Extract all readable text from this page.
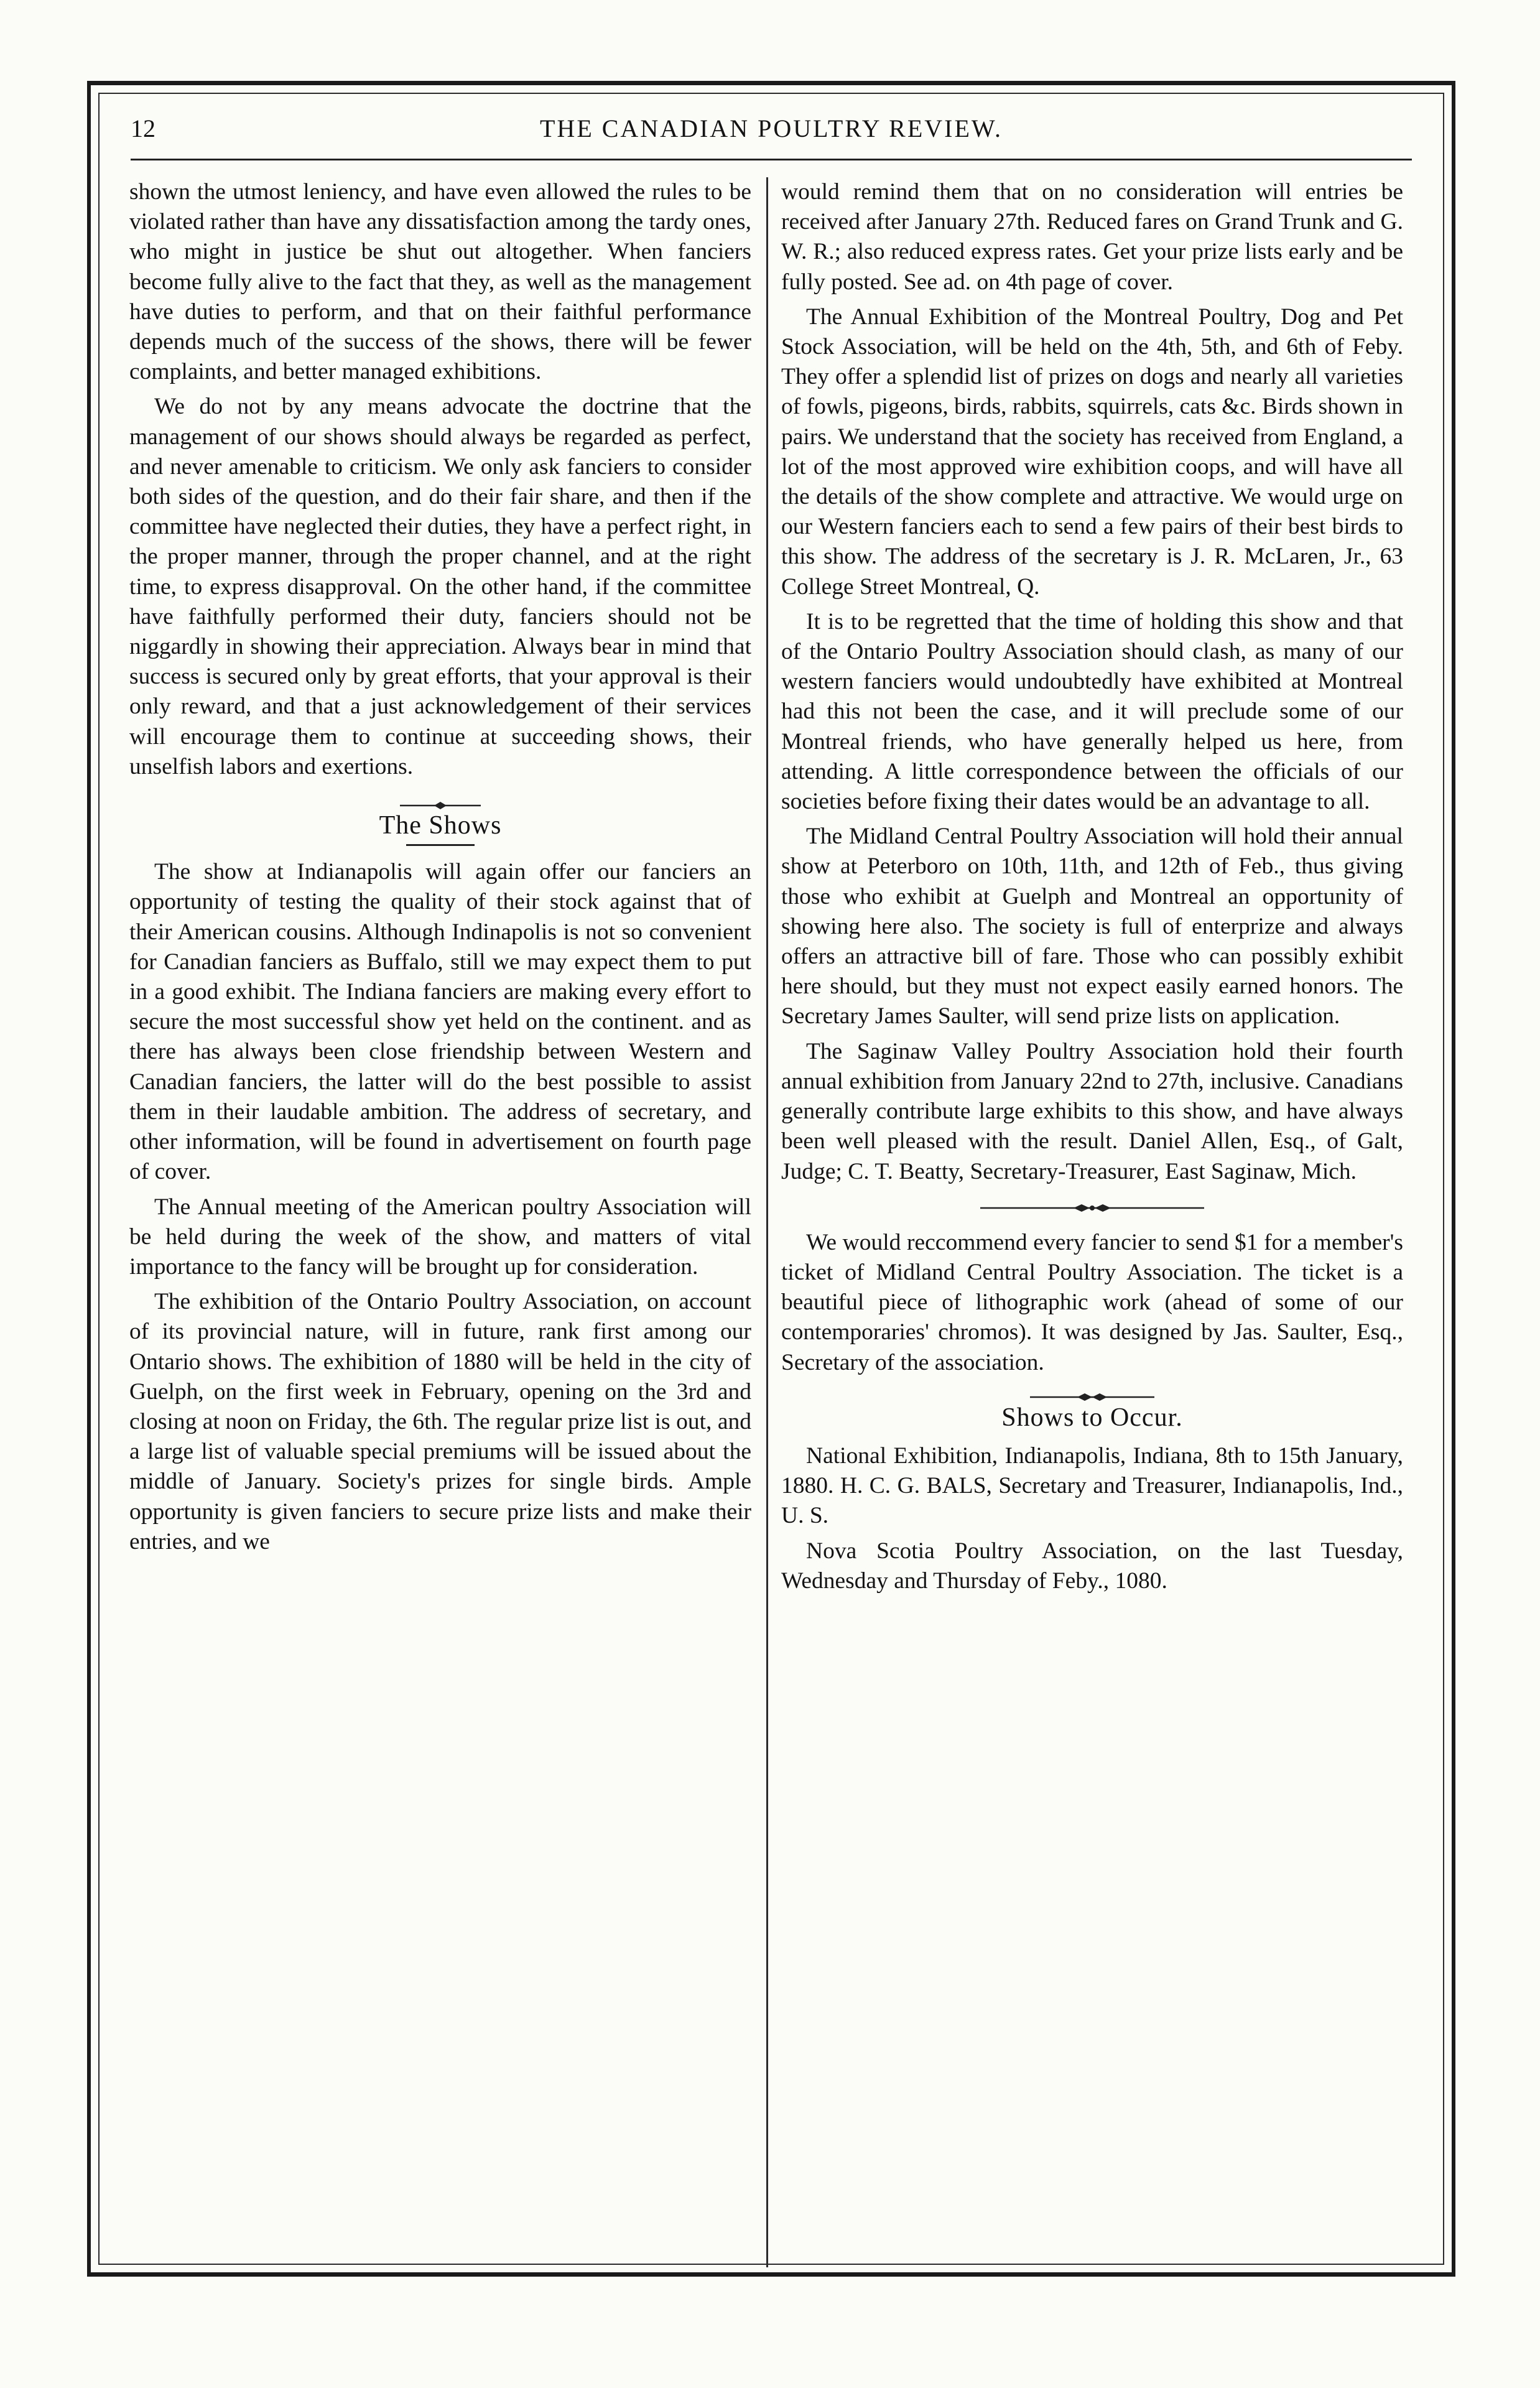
12	THE CANADIAN POULTRY REVIEW.

shown the utmost leniency, and have even allowed the rules to be violated rather than have any dissatisfaction among the tardy ones, who might in justice be shut out altogether. When fanciers become fully alive to the fact that they, as well as the management have duties to perform, and that on their faithful performance depends much of the success of the shows, there will be fewer complaints, and better managed exhibitions.

We do not by any means advocate the doctrine that the management of our shows should always be regarded as perfect, and never amenable to criticism. We only ask fanciers to consider both sides of the question, and do their fair share, and then if the committee have neglected their duties, they have a perfect right, in the proper manner, through the proper channel, and at the right time, to express disapproval. On the other hand, if the committee have faithfully performed their duty, fanciers should not be niggardly in showing their appreciation. Always bear in mind that success is secured only by great efforts, that your approval is their only reward, and that a just acknowledgement of their services will encourage them to continue at succeeding shows, their unselfish labors and exertions.

The Shows

The show at Indianapolis will again offer our fanciers an opportunity of testing the quality of their stock against that of their American cousins. Although Indinapolis is not so convenient for Canadian fanciers as Buffalo, still we may expect them to put in a good exhibit. The Indiana fanciers are making every effort to secure the most successful show yet held on the continent. and as there has always been close friendship between Western and Canadian fanciers, the latter will do the best possible to assist them in their laudable ambition. The address of secretary, and other information, will be found in advertisement on fourth page of cover.

The Annual meeting of the American poultry Association will be held during the week of the show, and matters of vital importance to the fancy will be brought up for consideration.

The exhibition of the Ontario Poultry Association, on account of its provincial nature, will in future, rank first among our Ontario shows. The exhibition of 1880 will be held in the city of Guelph, on the first week in February, opening on the 3rd and closing at noon on Friday, the 6th. The regular prize list is out, and a large list of valuable special premiums will be issued about the middle of January. Society's prizes for single birds. Ample opportunity is given fanciers to secure prize lists and make their entries, and we

would remind them that on no consideration will entries be received after January 27th. Reduced fares on Grand Trunk and G. W. R.; also reduced express rates. Get your prize lists early and be fully posted. See ad. on 4th page of cover.

The Annual Exhibition of the Montreal Poultry, Dog and Pet Stock Association, will be held on the 4th, 5th, and 6th of Feby. They offer a splendid list of prizes on dogs and nearly all varieties of fowls, pigeons, birds, rabbits, squirrels, cats &c. Birds shown in pairs. We understand that the society has received from England, a lot of the most approved wire exhibition coops, and will have all the details of the show complete and attractive. We would urge on our Western fanciers each to send a few pairs of their best birds to this show. The address of the secretary is J. R. McLaren, Jr., 63 College Street Montreal, Q.

It is to be regretted that the time of holding this show and that of the Ontario Poultry Association should clash, as many of our western fanciers would undoubtedly have exhibited at Montreal had this not been the case, and it will preclude some of our Montreal friends, who have generally helped us here, from attending. A little correspondence between the officials of our societies before fixing their dates would be an advantage to all.

The Midland Central Poultry Association will hold their annual show at Peterboro on 10th, 11th, and 12th of Feb., thus giving those who exhibit at Guelph and Montreal an opportunity of showing here also. The society is full of enterprize and always offers an attractive bill of fare. Those who can possibly exhibit here should, but they must not expect easily earned honors. The Secretary James Saulter, will send prize lists on application.

The Saginaw Valley Poultry Association hold their fourth annual exhibition from January 22nd to 27th, inclusive. Canadians generally contribute large exhibits to this show, and have always been well pleased with the result. Daniel Allen, Esq., of Galt, Judge; C. T. Beatty, Secretary-Treasurer, East Saginaw, Mich.

We would reccommend every fancier to send $1 for a member's ticket of Midland Central Poultry Association. The ticket is a beautiful piece of lithographic work (ahead of some of our contemporaries' chromos). It was designed by Jas. Saulter, Esq., Secretary of the association.

Shows to Occur.

National Exhibition, Indianapolis, Indiana, 8th to 15th January, 1880. H. C. G. BALS, Secretary and Treasurer, Indianapolis, Ind., U. S.

Nova Scotia Poultry Association, on the last Tuesday, Wednesday and Thursday of Feby., 1080.
